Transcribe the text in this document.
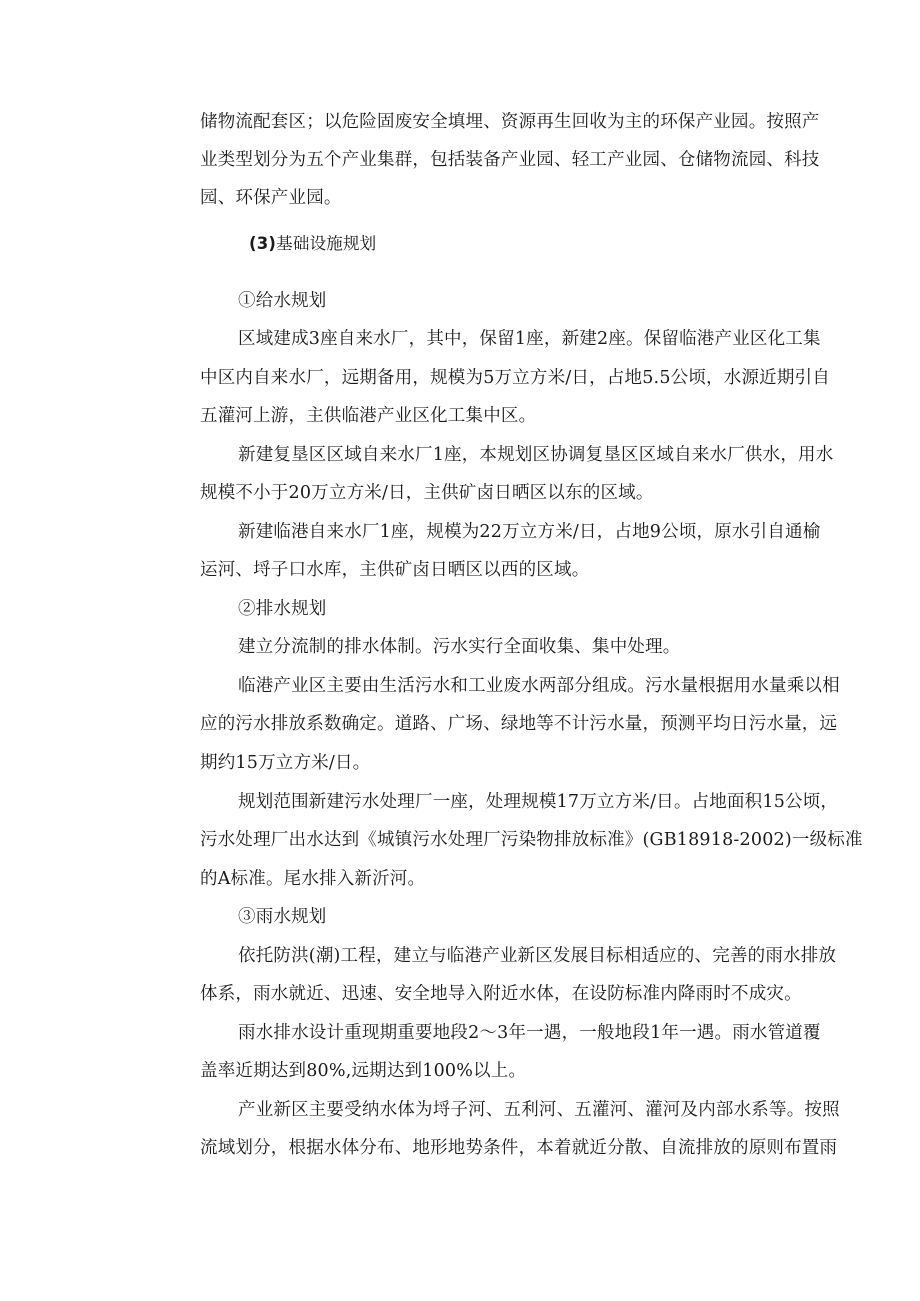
储物流配套区；以危险固废安全填埋、资源再生回收为主的环保产业园。按照产
业类型划分为五个产业集群，包括装备产业园、轻工产业园、仓储物流园、科技
园、环保产业园。
(3)基础设施规划
①给水规划
区域建成3座自来水厂，其中，保留1座，新建2座。保留临港产业区化工集
中区内自来水厂，远期备用，规模为5万立方米/日，占地5.5公顷，水源近期引自
五灌河上游，主供临港产业区化工集中区。
新建复垦区区域自来水厂1座，本规划区协调复垦区区域自来水厂供水，用水
规模不小于20万立方米/日，主供矿卤日晒区以东的区域。
新建临港自来水厂1座，规模为22万立方米/日，占地9公顷，原水引自通榆
运河、埒子口水库，主供矿卤日晒区以西的区域。
②排水规划
建立分流制的排水体制。污水实行全面收集、集中处理。
临港产业区主要由生活污水和工业废水两部分组成。污水量根据用水量乘以相
应的污水排放系数确定。道路、广场、绿地等不计污水量，预测平均日污水量，远
期约15万立方米/日。
规划范围新建污水处理厂一座，处理规模17万立方米/日。占地面积15公顷，
污水处理厂出水达到《城镇污水处理厂污染物排放标准》(GB18918-2002)一级标准
的A标准。尾水排入新沂河。
③雨水规划
依托防洪(潮)工程，建立与临港产业新区发展目标相适应的、完善的雨水排放
体系，雨水就近、迅速、安全地导入附近水体，在设防标准内降雨时不成灾。
雨水排水设计重现期重要地段2～3年一遇，一般地段1年一遇。雨水管道覆
盖率近期达到80%,远期达到100%以上。
产业新区主要受纳水体为埒子河、五利河、五灌河、灌河及内部水系等。按照
流域划分，根据水体分布、地形地势条件，本着就近分散、自流排放的原则布置雨
